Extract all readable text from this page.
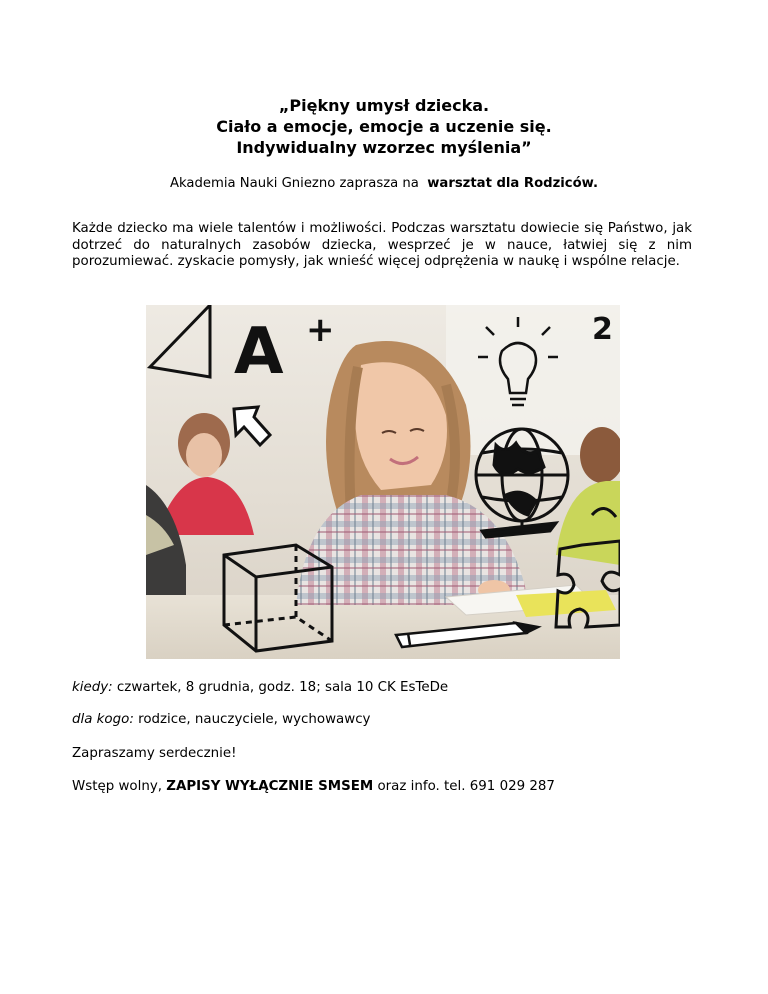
„Piękny umysł dziecka.
Ciało a emocje, emocje a uczenie się.
Indywidualny wzorzec myślenia”
Akademia Nauki Gniezno zaprasza na warsztat dla Rodziców.
Każde dziecko ma wiele talentów i możliwości. Podczas warsztatu dowiecie się Państwo, jak dotrzeć do naturalnych zasobów dziecka, wesprzeć je w nauce, łatwiej się z nim porozumiewać. zyskacie pomysły, jak wnieść więcej odprężenia w naukę i wspólne relacje.
A +	2
kiedy: czwartek, 8 grudnia, godz. 18; sala 10 CK EsTeDe
dla kogo: rodzice, nauczyciele, wychowawcy
Zapraszamy serdecznie!
Wstęp wolny, ZAPISY WYŁĄCZNIE SMSEM oraz info. tel. 691 029 287
